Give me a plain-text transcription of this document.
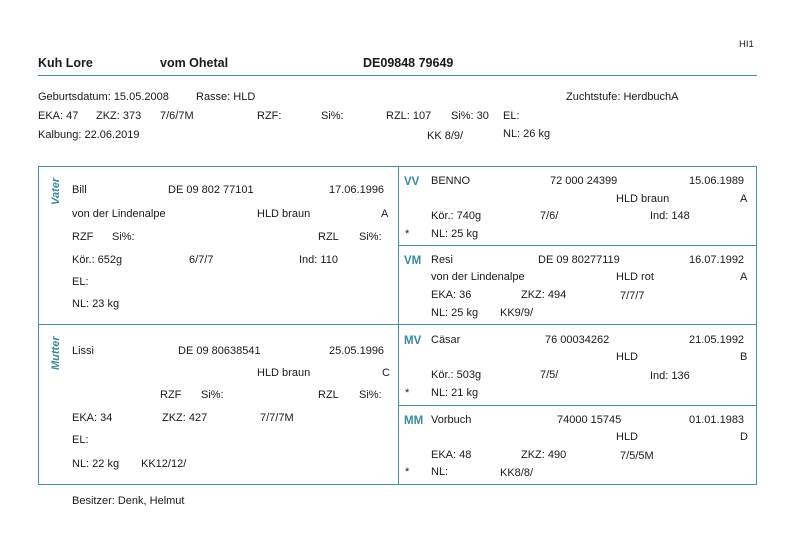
HI1
Kuh Lore	vom Ohetal	DE09848 79649
Geburtsdatum: 15.05.2008 Rasse: HLD	Zuchtstufe: HerdbuchA
EKA: 47 ZKZ: 373 7/6/7M	RZF:	Si%:	RZL: 107 Si%: 30 EL:
Kalbung: 22.06.2019	KK 8/9/	NL: 26 kg
Vater Bill	DE 09 802 77101	17.06.1996
von der Lindenalpe	HLD braun	A
RZF Si%:	RZL Si%:
Kör.: 652g	6/7/7	Ind: 110
EL:
NL: 23 kg
Mutter Lissi	DE 09 80638541	25.05.1996
HLD braun	C
RZF Si%:	RZL Si%:
EKA: 34	ZKZ: 427	7/7/7M
EL:
NL: 22 kg KK12/12/
VV BENNO	72 000 24399	15.06.1989
HLD braun	A
Kör.: 740g	7/6/	Ind: 148
* NL: 25 kg
VM Resi	DE 09 80277119	16.07.1992
von der Lindenalpe	HLD rot	A
EKA: 36	ZKZ: 494	7/7/7
NL: 25 kg KK9/9/
MV Cäsar	76 00034262	21.05.1992
HLD	B
Kör.: 503g	7/5/	Ind: 136
* NL: 21 kg
MM Vorbuch	74000 15745	01.01.1983
HLD	D
EKA: 48	ZKZ: 490	7/5/5M
* NL:	KK8/8/
Besitzer: Denk, Helmut
